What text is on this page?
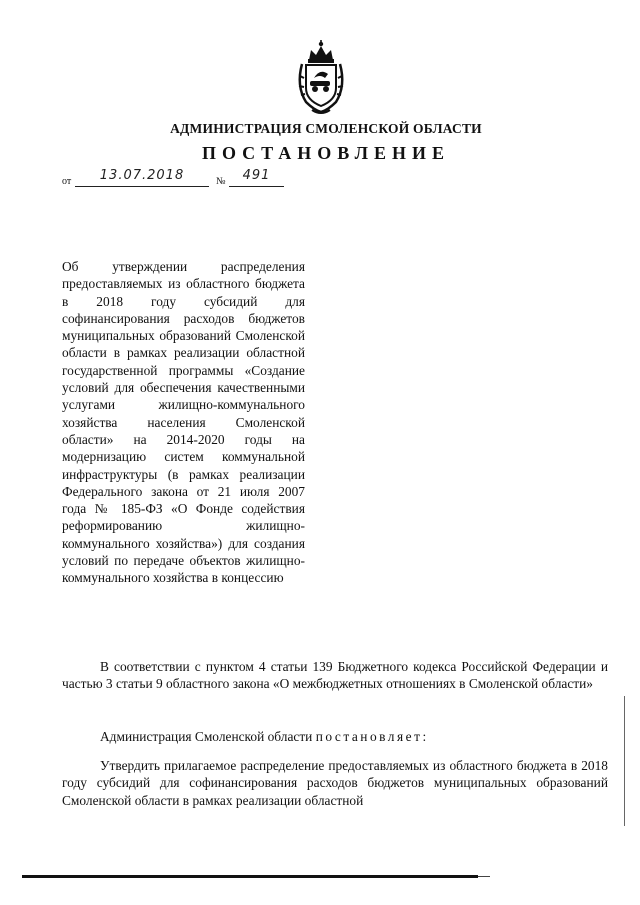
АДМИНИСТРАЦИЯ СМОЛЕНСКОЙ ОБЛАСТИ
ПОСТАНОВЛЕНИЕ
от	13.07.2018	№	491

Об утверждении распределения предоставляемых из областного бюджета в 2018 году субсидий для софинансирования расходов бюджетов муниципальных образований Смоленской области в рамках реализации областной государственной программы «Создание условий для обеспечения качественными услугами жилищно-коммунального хозяйства населения Смоленской области» на 2014-2020 годы на модернизацию систем коммунальной инфраструктуры (в рамках реализации Федерального закона от 21 июля 2007 года № 185-ФЗ «О Фонде содействия реформированию жилищно-коммунального хозяйства») для создания условий по передаче объектов жилищно-коммунального хозяйства в концессию

В соответствии с пунктом 4 статьи 139 Бюджетного кодекса Российской Федерации и частью 3 статьи 9 областного закона «О межбюджетных отношениях в Смоленской области»

Администрация Смоленской области постановляет:

Утвердить прилагаемое распределение предоставляемых из областного бюджета в 2018 году субсидий для софинансирования расходов бюджетов муниципальных образований Смоленской области в рамках реализации областной
